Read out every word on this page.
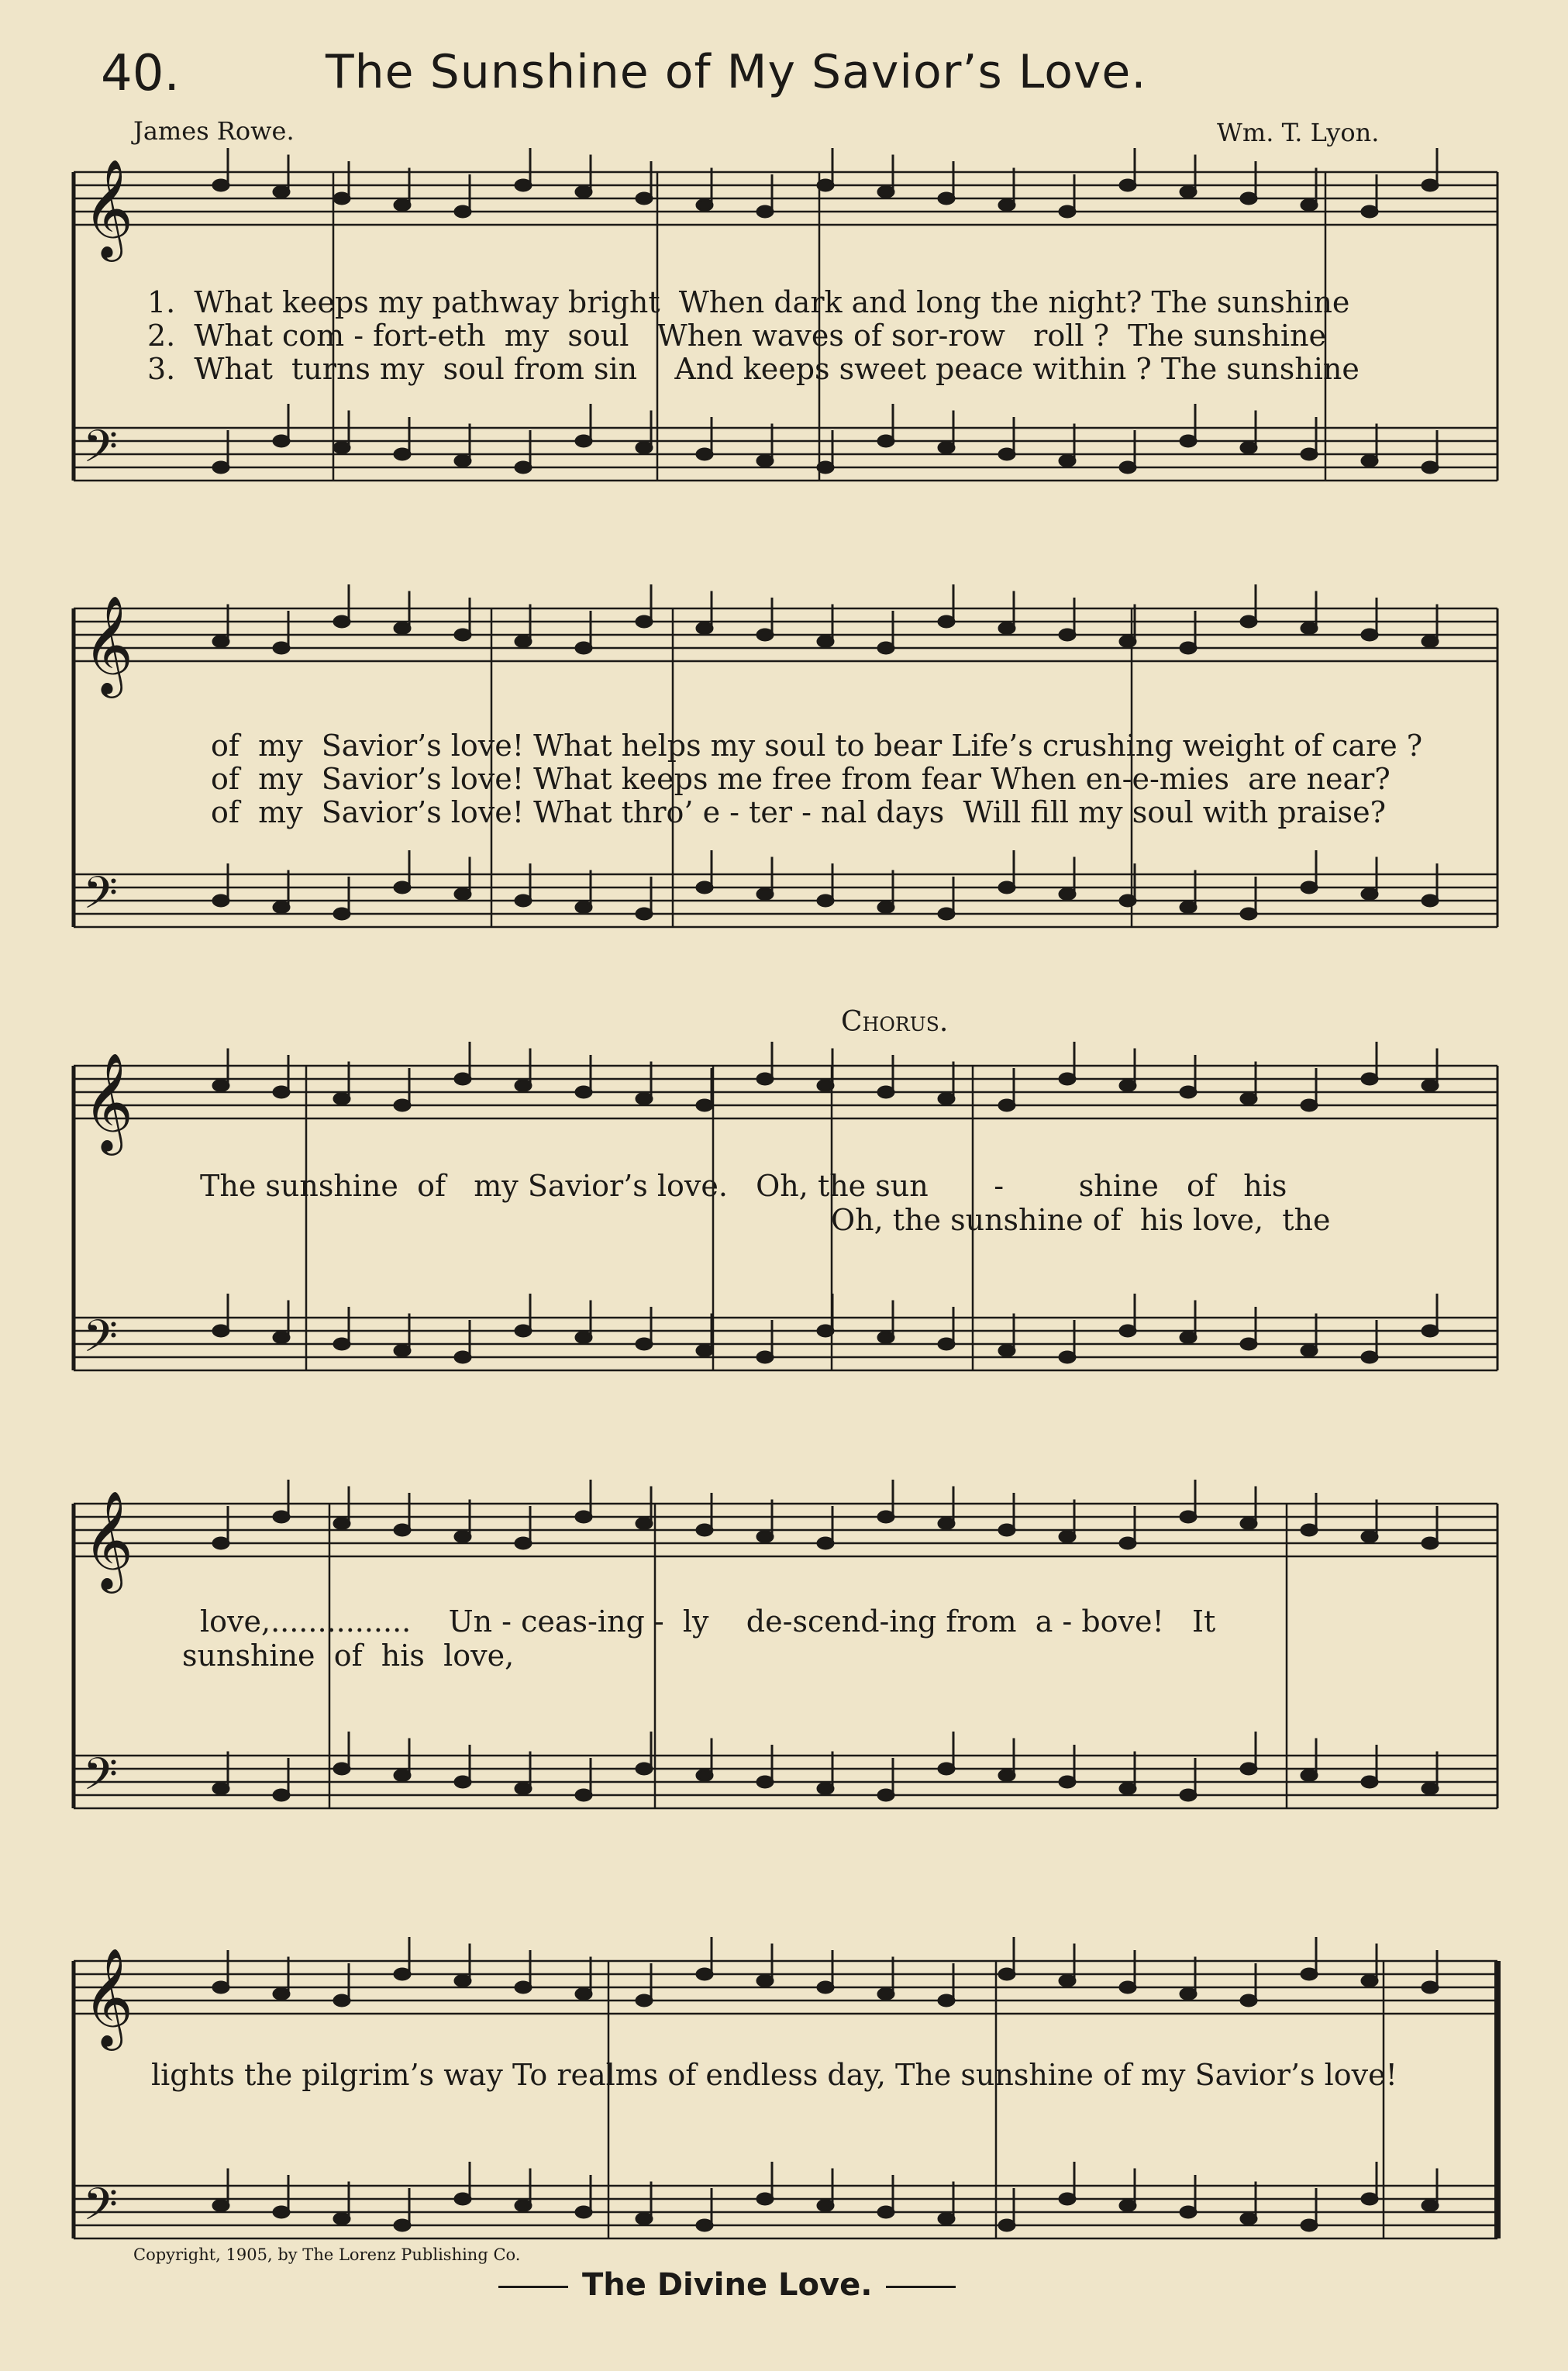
𝄞
𝄢
𝄞
𝄢
𝄞
𝄢
𝄞
𝄢
𝄞
𝄢
40.	The Sunshine of My Savior’s Love.
James Rowe.	Wm. T. Lyon.
1.  What keeps my pathway bright  When dark and long the night? The sunshine
2.  What com - fort-eth  my  soul   When waves of sor-row   roll ?  The sunshine
3.  What  turns my  soul from sin    And keeps sweet peace within ? The sunshine
of  my  Savior’s love! What helps my soul to bear Life’s crushing weight of care ?
of  my  Savior’s love! What keeps me free from fear When en-e-mies  are near?
of  my  Savior’s love! What thro’ e - ter - nal days  Will fill my soul with praise?
Chorus.
The sunshine  of   my Savior’s love.   Oh, the sun       -        shine   of   his
Oh, the sunshine of  his love,  the
love,...............    Un - ceas-ing -  ly    de-scend-ing from  a - bove!   It
sunshine  of  his  love,
lights the pilgrim’s way To realms of endless day, The sunshine of my Savior’s love!
Copyright, 1905, by The Lorenz Publishing Co.
The Divine Love.
